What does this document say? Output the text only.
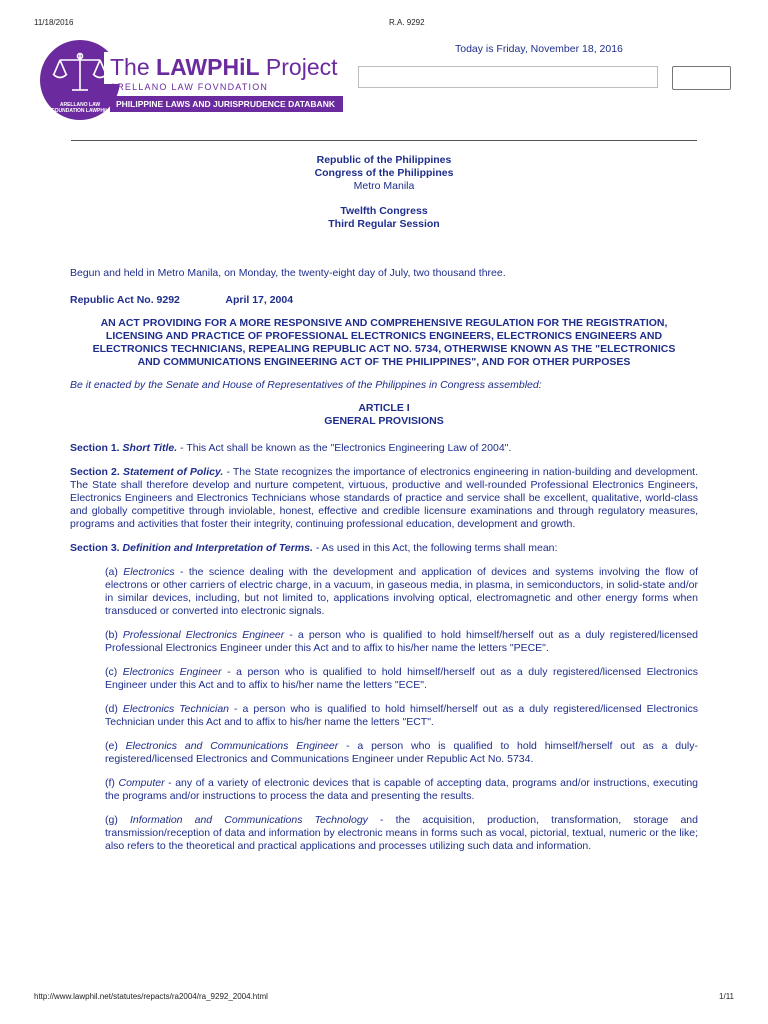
11/18/2016	R.A. 9292
ARELLANO LAW FOUNDATION LAWPHiL
The LAWPHiL Project
ARELLANO LAW FOVNDATION
PHILIPPINE LAWS AND JURISPRUDENCE DATABANK
Today is Friday, November 18, 2016
Republic of the Philippines
Congress of the Philippines
Metro Manila
Twelfth Congress
Third Regular Session
Begun and held in Metro Manila, on Monday, the twenty-eight day of July, two thousand three.
Republic Act No. 9292	April 17, 2004
AN ACT PROVIDING FOR A MORE RESPONSIVE AND COMPREHENSIVE REGULATION FOR THE REGISTRATION, LICENSING AND PRACTICE OF PROFESSIONAL ELECTRONICS ENGINEERS, ELECTRONICS ENGINEERS AND ELECTRONICS TECHNICIANS, REPEALING REPUBLIC ACT NO. 5734, OTHERWISE KNOWN AS THE "ELECTRONICS AND COMMUNICATIONS ENGINEERING ACT OF THE PHILIPPINES", AND FOR OTHER PURPOSES
Be it enacted by the Senate and House of Representatives of the Philippines in Congress assembled:
ARTICLE I
GENERAL PROVISIONS
Section 1. Short Title. - This Act shall be known as the "Electronics Engineering Law of 2004".
Section 2. Statement of Policy. - The State recognizes the importance of electronics engineering in nation-building and development. The State shall therefore develop and nurture competent, virtuous, productive and well-rounded Professional Electronics Engineers, Electronics Engineers and Electronics Technicians whose standards of practice and service shall be excellent, qualitative, world-class and globally competitive through inviolable, honest, effective and credible licensure examinations and through regulatory measures, programs and activities that foster their integrity, continuing professional education, development and growth.
Section 3. Definition and Interpretation of Terms. - As used in this Act, the following terms shall mean:
(a) Electronics - the science dealing with the development and application of devices and systems involving the flow of electrons or other carriers of electric charge, in a vacuum, in gaseous media, in plasma, in semiconductors, in solid-state and/or in similar devices, including, but not limited to, applications involving optical, electromagnetic and other energy forms when transduced or converted into electronic signals.
(b) Professional Electronics Engineer - a person who is qualified to hold himself/herself out as a duly registered/licensed Professional Electronics Engineer under this Act and to affix to his/her name the letters "PECE".
(c) Electronics Engineer - a person who is qualified to hold himself/herself out as a duly registered/licensed Electronics Engineer under this Act and to affix to his/her name the letters "ECE".
(d) Electronics Technician - a person who is qualified to hold himself/herself out as a duly registered/licensed Electronics Technician under this Act and to affix to his/her name the letters "ECT".
(e) Electronics and Communications Engineer - a person who is qualified to hold himself/herself out as a duly-registered/licensed Electronics and Communications Engineer under Republic Act No. 5734.
(f) Computer - any of a variety of electronic devices that is capable of accepting data, programs and/or instructions, executing the programs and/or instructions to process the data and presenting the results.
(g) Information and Communications Technology - the acquisition, production, transformation, storage and transmission/reception of data and information by electronic means in forms such as vocal, pictorial, textual, numeric or the like; also refers to the theoretical and practical applications and processes utilizing such data and information.
http://www.lawphil.net/statutes/repacts/ra2004/ra_9292_2004.html	1/11
